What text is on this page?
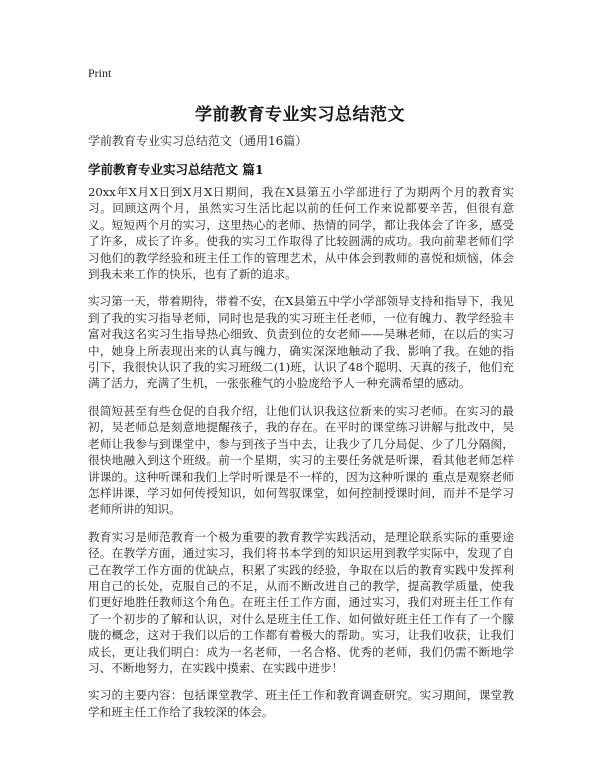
Print
学前教育专业实习总结范文
学前教育专业实习总结范文（通用16篇）
学前教育专业实习总结范文 篇1

20xx年X月X日到X月X日期间，我在X县第五小学部进行了为期两个月的教育实习。回顾这两个月，虽然实习生活比起以前的任何工作来说都要辛苦，但很有意义。短短两个月的实习，这里热心的老师、热情的同学，都让我体会了许多，感受了许多，成长了许多。使我的实习工作取得了比较圆满的成功。我向前辈老师们学习他们的教学经验和班主任工作的管理艺术，从中体会到教师的喜悦和烦恼，体会到我未来工作的快乐，也有了新的追求。

实习第一天，带着期待，带着不安，在X县第五中学小学部领导支持和指导下，我见到了我的实习指导老师，同时也是我的实习班主任老师，一位有魄力、教学经验丰富对我这名实习生指导热心细致、负责到位的女老师——吴琳老师，在以后的实习中，她身上所表现出来的认真与魄力，确实深深地触动了我、影响了我。在她的指引下，我很快认识了我的实习班级二(1)班，认识了48个聪明、天真的孩子，他们充满了活力，充满了生机，一张张稚气的小脸庞给予人一种充满希望的感动。

很简短甚至有些仓促的自我介绍，让他们认识我这位新来的实习老师。在实习的最初，吴老师总是刻意地提醒孩子，我的存在。在平时的课堂练习讲解与批改中，吴老师让我参与到课堂中，参与到孩子当中去，让我少了几分局促、少了几分隔阂，很快地融入到这个班级。前一个星期，实习的主要任务就是听课，看其他老师怎样讲课的。这种听课和我们上学时听课是不一样的，因为这种听课的 重点是观察老师怎样讲课，学习如何传授知识，如何驾驭课堂，如何控制授课时间，而并不是学习老师所讲的知识。

教育实习是师范教育一个极为重要的教育教学实践活动，是理论联系实际的重要途径。在教学方面，通过实习，我们将书本学到的知识运用到教学实际中，发现了自己在教学工作方面的优缺点，积累了实践的经验，争取在以后的教育实践中发挥利用自己的长处，克服自己的不足，从而不断改进自己的教学，提高教学质量，使我们更好地胜任教师这个角色。在班主任工作方面，通过实习，我们对班主任工作有了一个初步的了解和认识，对什么是班主任工作、如何做好班主任工作有了一个朦胧的概念，这对于我们以后的工作都有着极大的帮助。实习，让我们收获，让我们成长，更让我们明白：成为一名老师，一名合格、优秀的老师，我们仍需不断地学习、不断地努力，在实践中摸索、在实践中进步！

实习的主要内容：包括课堂教学、班主任工作和教育调查研究。实习期间，课堂教学和班主任工作给了我较深的体会。
